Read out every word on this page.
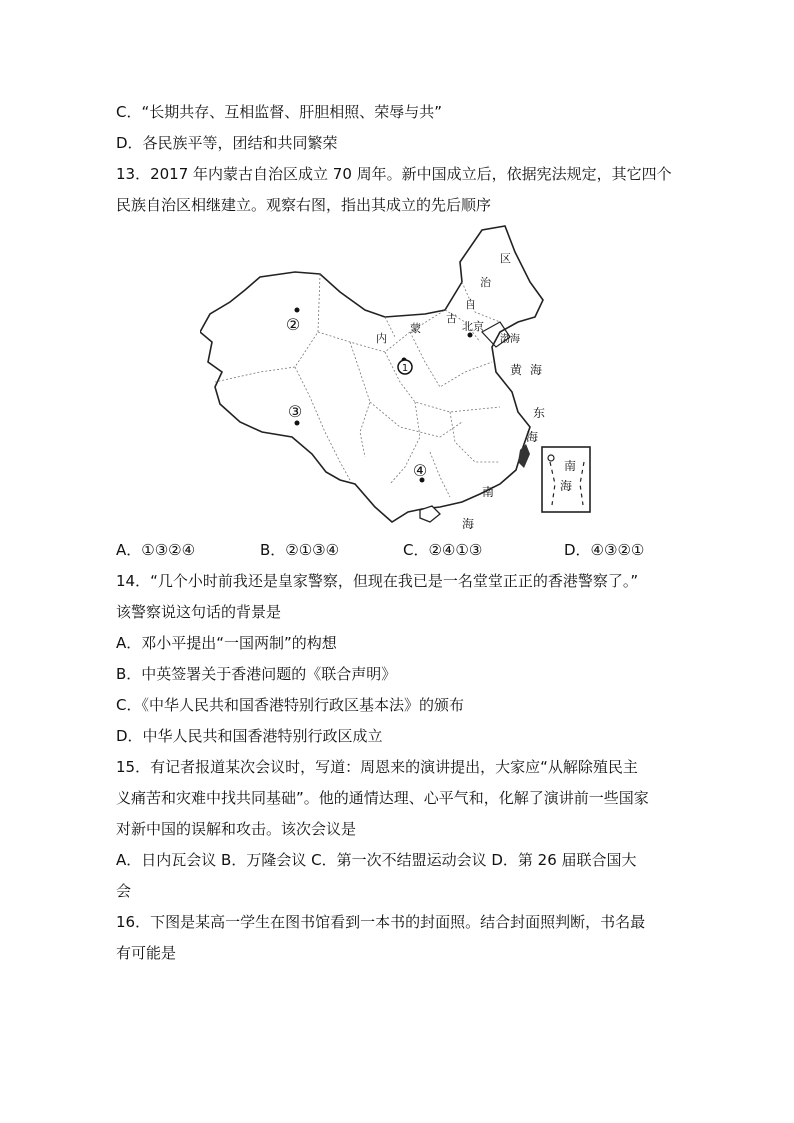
C．“长期共存、互相监督、肝胆相照、荣辱与共”
D．各民族平等，团结和共同繁荣
13．2017 年内蒙古自治区成立 70 周年。新中国成立后，依据宪法规定，其它四个
民族自治区相继建立。观察右图，指出其成立的先后顺序
1
②
③
④
北京
内
蒙
古
自
治
区
渤海
黄 海
东
海
南
海
南
海
A．①③②④	B．②①③④	C．②④①③	D．④③②①
14．“几个小时前我还是皇家警察，但现在我已是一名堂堂正正的香港警察了。”
该警察说这句话的背景是
A．邓小平提出“一国两制”的构想
B．中英签署关于香港问题的《联合声明》
C．《中华人民共和国香港特别行政区基本法》的颁布
D．中华人民共和国香港特别行政区成立
15．有记者报道某次会议时，写道：周恩来的演讲提出，大家应“从解除殖民主
义痛苦和灾难中找共同基础”。他的通情达理、心平气和，化解了演讲前一些国家
对新中国的误解和攻击。该次会议是
A．日内瓦会议 B．万隆会议 C．第一次不结盟运动会议 D．第 26 届联合国大
会
16．下图是某高一学生在图书馆看到一本书的封面照。结合封面照判断，书名最
有可能是
